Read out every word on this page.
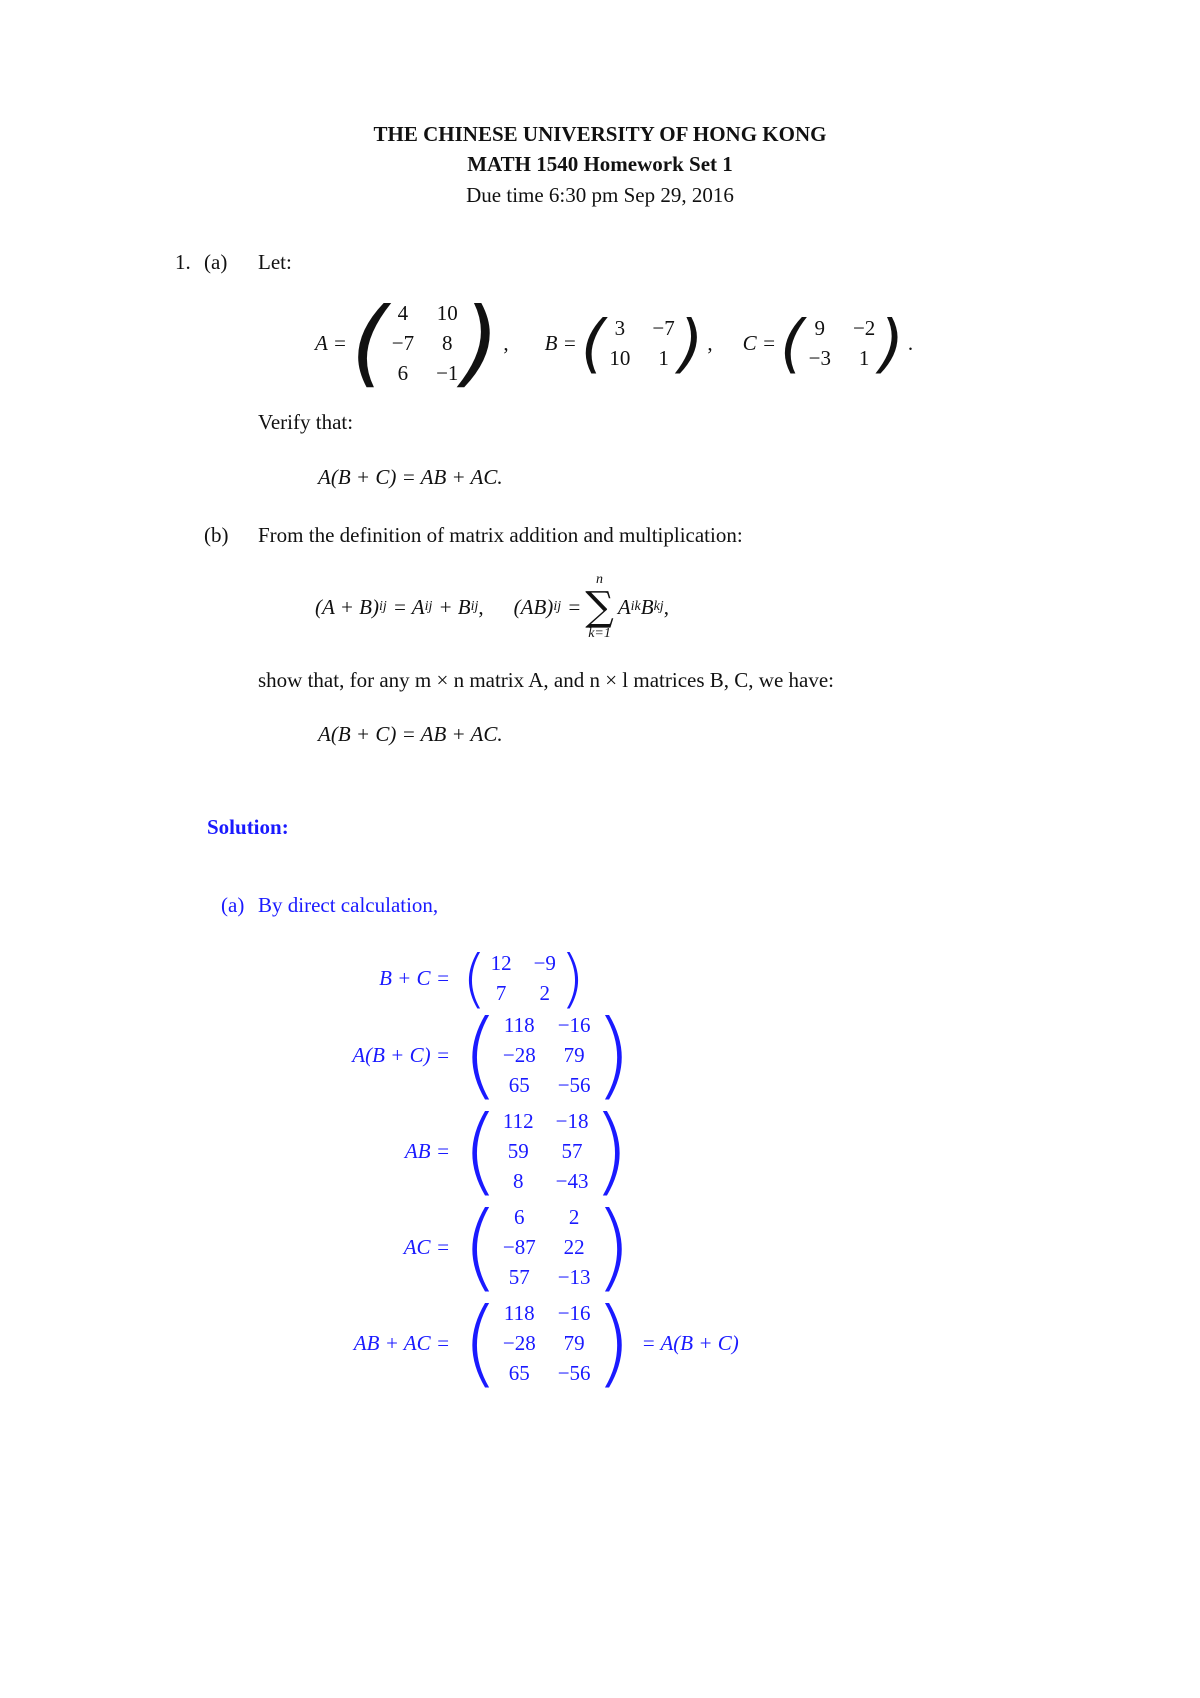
THE CHINESE UNIVERSITY OF HONG KONG
MATH 1540 Homework Set 1
Due time 6:30 pm Sep 29, 2016
1. (a) Let:
A = ( 4 10
−7 8
6 −1 ) , B = ( 3 −7
10 1 ) , C = ( 9 −2
−3 1 ) .
Verify that:
A(B + C) = AB + AC.
(b) From the definition of matrix addition and multiplication:
(A + B) ij = A ij + B ij , (AB) ij =
n
∑
k=1
A ik B kj ,
show that, for any m × n matrix A, and n × l matrices B, C, we have:
A(B + C) = AB + AC.
Solution:
(a) By direct calculation,
B + C = ( 12 −9
7 2 )
A(B + C) = ( 118 −16
−28 79
65 −56 )
AB = ( 112 −18
59 57
8 −43 )
AC = ( 6 2
−87 22
57 −13 )
AB + AC = ( 118 −16
−28 79
65 −56 ) = A(B + C)
